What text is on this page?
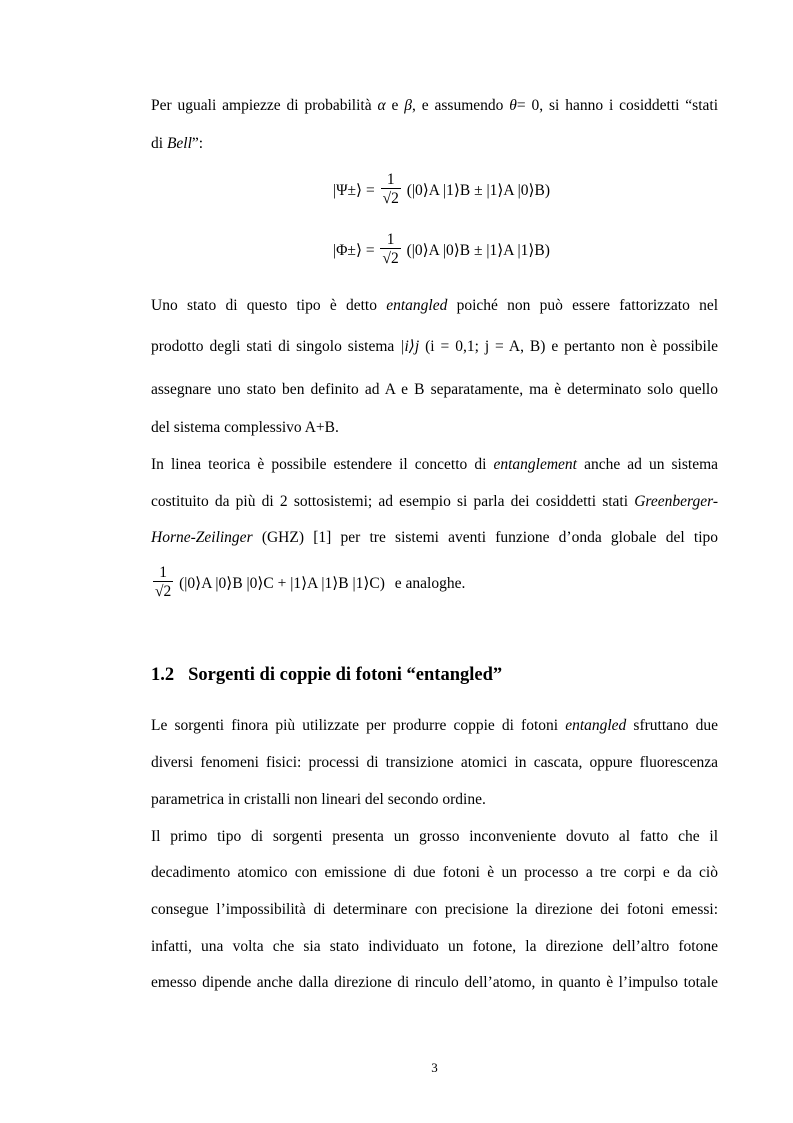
Per uguali ampiezze di probabilità α e β, e assumendo θ= 0, si hanno i cosiddetti “stati
di Bell”:
|Ψ±⟩ = $\frac{1}{√2}$ (|0⟩A |1⟩B ± |1⟩A |0⟩B)
|Φ±⟩ = $\frac{1}{√2}$ (|0⟩A |0⟩B ± |1⟩A |1⟩B)
Uno stato di questo tipo è detto entangled poiché non può essere fattorizzato nel
prodotto degli stati di singolo sistema |i⟩j (i = 0,1; j = A, B) e pertanto non è possibile
assegnare uno stato ben definito ad A e B separatamente, ma è determinato solo quello
del sistema complessivo A+B.
In linea teorica è possibile estendere il concetto di entanglement anche ad un sistema
costituito da più di 2 sottosistemi; ad esempio si parla dei cosiddetti stati Greenberger-
Horne-Zeilinger (GHZ) [1] per tre sistemi aventi funzione d’onda globale del tipo
$\frac{1}{√2}$ (|0⟩A |0⟩B |0⟩C + |1⟩A |1⟩B |1⟩C) e analoghe.
1.2 Sorgenti di coppie di fotoni “entangled”
Le sorgenti finora più utilizzate per produrre coppie di fotoni entangled sfruttano due
diversi fenomeni fisici: processi di transizione atomici in cascata, oppure fluorescenza
parametrica in cristalli non lineari del secondo ordine.
Il primo tipo di sorgenti presenta un grosso inconveniente dovuto al fatto che il
decadimento atomico con emissione di due fotoni è un processo a tre corpi e da ciò
consegue l’impossibilità di determinare con precisione la direzione dei fotoni emessi:
infatti, una volta che sia stato individuato un fotone, la direzione dell’altro fotone
emesso dipende anche dalla direzione di rinculo dell’atomo, in quanto è l’impulso totale
3
